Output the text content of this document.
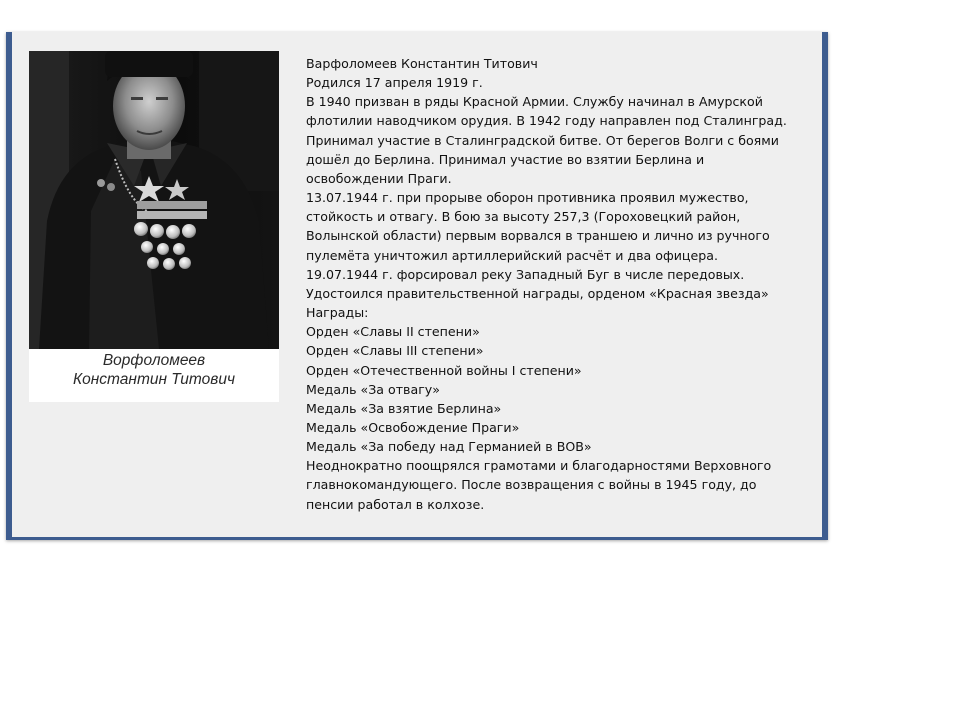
Ворфоломеев
Константин Титович
Варфоломеев Константин Титович
Родился 17 апреля 1919 г.
В 1940 призван в ряды Красной Армии. Службу начинал в Амурской
флотилии наводчиком орудия. В 1942 году направлен под Сталинград.
Принимал участие в Сталинградской битве. От берегов Волги с боями
дошёл до Берлина. Принимал участие во взятии Берлина и
освобождении Праги.
13.07.1944 г. при прорыве оборон противника проявил мужество,
стойкость и отвагу. В бою за высоту 257,3 (Гороховецкий район,
Волынской области) первым ворвался в траншею и лично из ручного
пулемёта уничтожил артиллерийский расчёт и два офицера.
19.07.1944 г. форсировал реку Западный Буг в числе передовых.
Удостоился правительственной награды, орденом «Красная звезда»
Награды:
Орден «Славы II степени»
Орден «Славы III степени»
Орден «Отечественной войны I степени»
Медаль «За отвагу»
Медаль «За взятие Берлина»
Медаль «Освобождение Праги»
Медаль «За победу над Германией в ВОВ»
Неоднократно поощрялся грамотами и благодарностями Верховного
главнокомандующего. После возвращения с войны в 1945 году, до
пенсии работал в колхозе.
